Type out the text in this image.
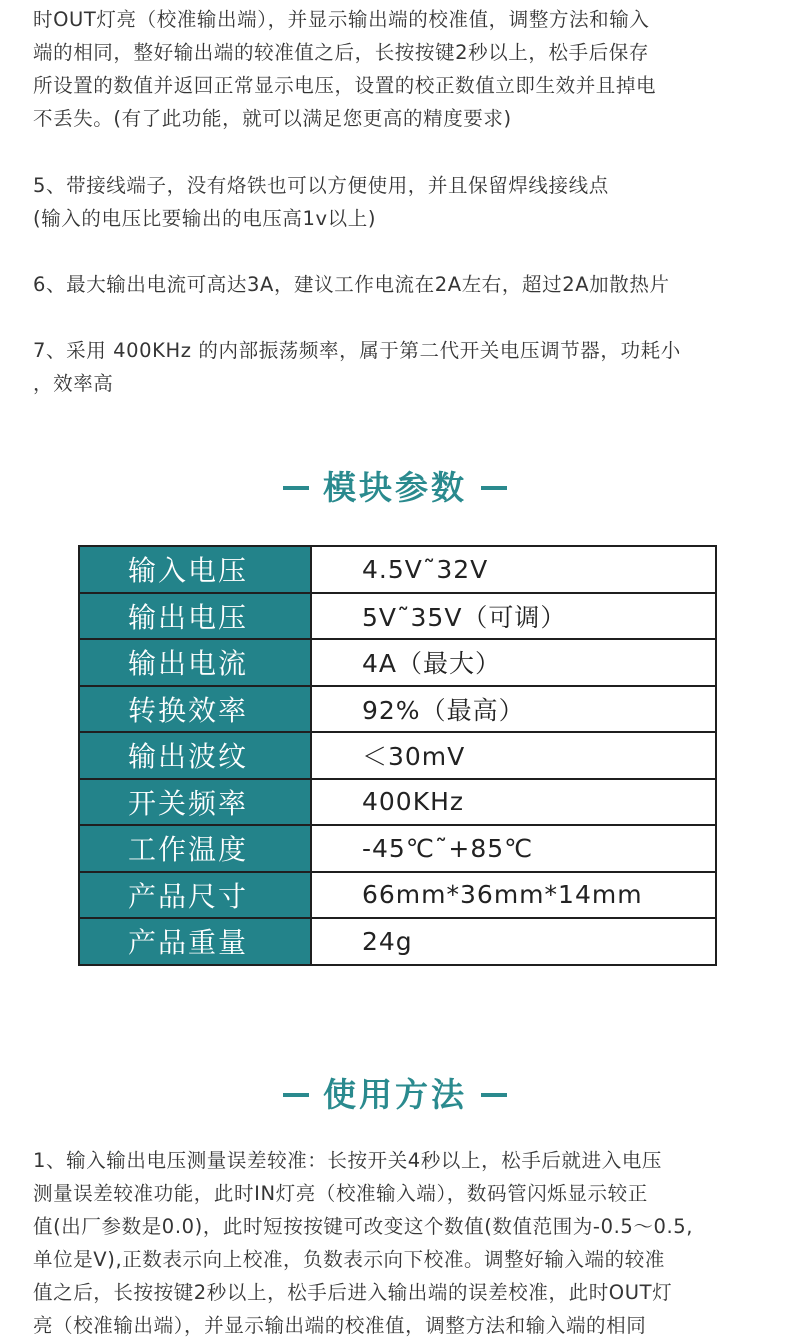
时OUT灯亮（校准输出端），并显示输出端的校准值，调整方法和输入
端的相同，整好输出端的较准值之后，长按按键2秒以上，松手后保存
所设置的数值并返回正常显示电压，设置的校正数值立即生效并且掉电
不丢失。(有了此功能，就可以满足您更高的精度要求)

5、带接线端子，没有烙铁也可以方便使用，并且保留焊线接线点
(输入的电压比要输出的电压高1v以上)

6、最大输出电流可高达3A，建议工作电流在2A左右，超过2A加散热片

7、采用 400KHz 的内部振荡频率，属于第二代开关电压调节器，功耗小
，效率高

模块参数
输入电压	4.5V˜32V
输出电压	5V˜35V（可调）
输出电流	4A（最大）
转换效率	92%（最高）
输出波纹	＜30mV
开关频率	400KHz
工作温度	-45℃˜+85℃
产品尺寸	66mm*36mm*14mm
产品重量	24g
使用方法

1、输入输出电压测量误差较准：长按开关4秒以上，松手后就进入电压
测量误差较准功能，此时IN灯亮（校准输入端），数码管闪烁显示较正
值(出厂参数是0.0)，此时短按按键可改变这个数值(数值范围为-0.5～0.5,
单位是V),正数表示向上校准，负数表示向下校准。调整好输入端的较准
值之后，长按按键2秒以上，松手后进入输出端的误差校准，此时OUT灯
亮（校准输出端），并显示输出端的校准值，调整方法和输入端的相同
